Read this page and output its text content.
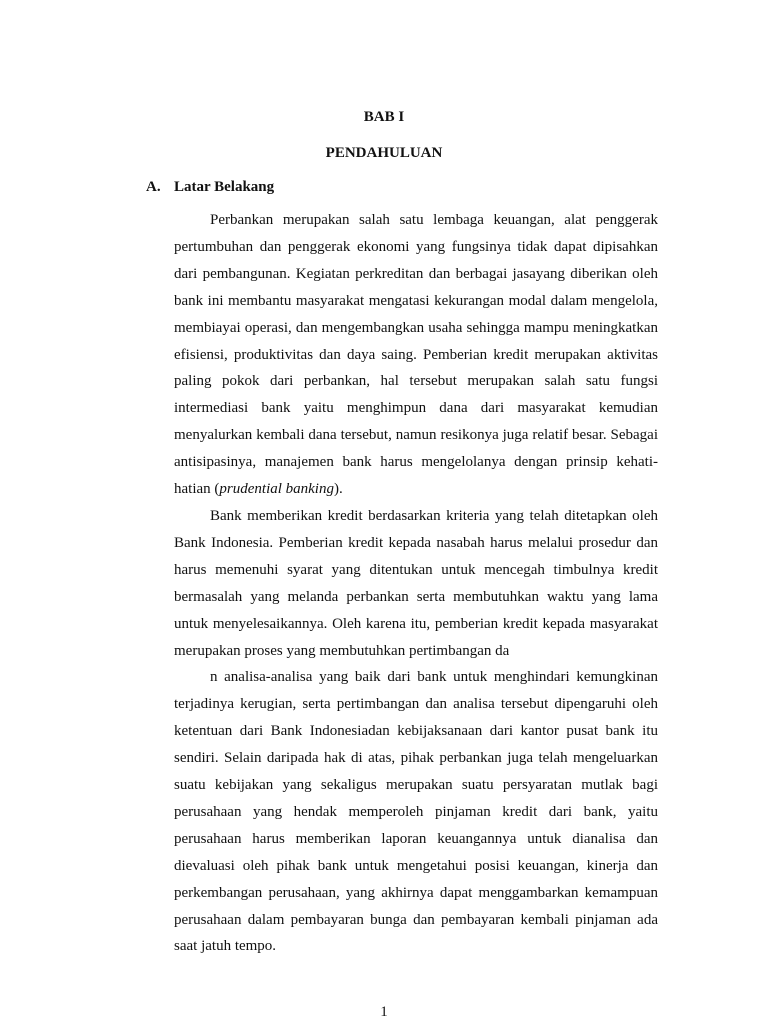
BAB I
PENDAHULUAN
A. Latar Belakang

Perbankan merupakan salah satu lembaga keuangan, alat penggerak pertumbuhan dan penggerak ekonomi yang fungsinya tidak dapat dipisahkan dari pembangunan. Kegiatan perkreditan dan berbagai jasayang diberikan oleh bank ini membantu masyarakat mengatasi kekurangan modal dalam mengelola, membiayai operasi, dan mengembangkan usaha sehingga mampu meningkatkan efisiensi, produktivitas dan daya saing. Pemberian kredit merupakan aktivitas paling pokok dari perbankan, hal tersebut merupakan salah satu fungsi intermediasi bank yaitu menghimpun dana dari masyarakat kemudian menyalurkan kembali dana tersebut, namun resikonya juga relatif besar. Sebagai antisipasinya, manajemen bank harus mengelolanya dengan prinsip kehati-hatian (prudential banking).

Bank memberikan kredit berdasarkan kriteria yang telah ditetapkan oleh Bank Indonesia. Pemberian kredit kepada nasabah harus melalui prosedur dan harus memenuhi syarat yang ditentukan untuk mencegah timbulnya kredit bermasalah yang melanda perbankan serta membutuhkan waktu yang lama untuk menyelesaikannya. Oleh karena itu, pemberian kredit kepada masyarakat merupakan proses yang membutuhkan pertimbangan da

n analisa-analisa yang baik dari bank untuk menghindari kemungkinan terjadinya kerugian, serta pertimbangan dan analisa tersebut dipengaruhi oleh ketentuan dari Bank Indonesiadan kebijaksanaan dari kantor pusat bank itu sendiri. Selain daripada hak di atas, pihak perbankan juga telah mengeluarkan suatu kebijakan yang sekaligus merupakan suatu persyaratan mutlak bagi perusahaan yang hendak memperoleh pinjaman kredit dari bank, yaitu perusahaan harus memberikan laporan keuangannya untuk dianalisa dan dievaluasi oleh pihak bank untuk mengetahui posisi keuangan, kinerja dan perkembangan perusahaan, yang akhirnya dapat menggambarkan kemampuan perusahaan dalam pembayaran bunga dan pembayaran kembali pinjaman ada saat jatuh tempo.

1
